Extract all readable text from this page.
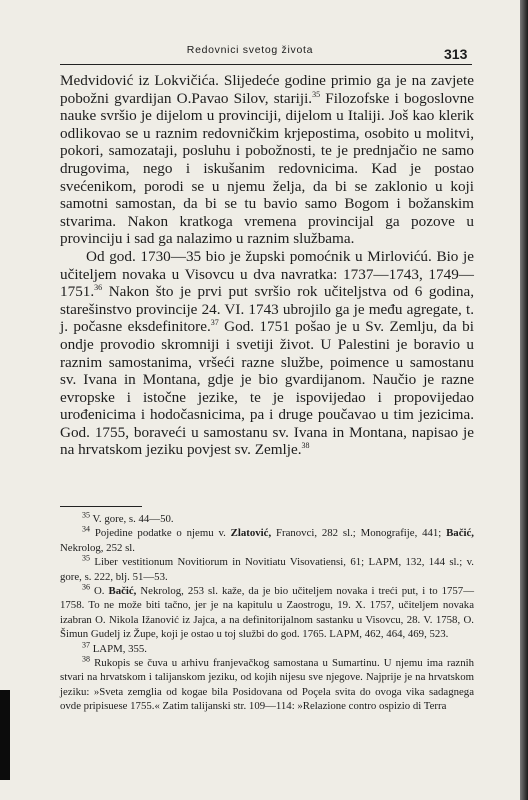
Redovnici svetog života	313

Medvidović iz Lokvičića. Slijedeće godine primio ga je na zavjete pobožni gvardijan O.Pavao Silov, stariji.$^{35}$ Filozofske i bogoslovne nauke svršio je dijelom u provinciji, dijelom u Italiji. Još kao klerik odlikovao se u raznim redovničkim krjepostima, osobito u molitvi, pokori, samozataji, posluhu i pobožnosti, te je prednjačio ne samo drugovima, nego i iskušanim redovnicima. Kad je postao svećenikom, porodi se u njemu želja, da bi se zaklonio u koji samotni samostan, da bi se tu bavio samo Bogom i božanskim stvarima. Nakon kratkoga vremena provincijal ga pozove u provinciju i sad ga nalazimo u raznim službama.

Od god. 1730—35 bio je župski pomoćnik u Mirlovićú. Bio je učiteljem novaka u Visovcu u dva navratka: 1737—1743, 1749—1751.36 Nakon što je prvi put svršio rok učiteljstva od 6 godina, starešinstvo provincije 24. VI. 1743 ubrojilo ga je među agregate, t. j. počasne eksdefinitore.$^{37}$ God. 1751 pošao je u Sv. Zemlju, da bi ondje provodio skromniji i svetiji život. U Palestini je boravio u raznim samostanima, vršeći razne službe, poimence u samostanu sv. Ivana in Montana, gdje je bio gvardijanom. Naučio je razne evropske i istočne jezike, te je ispovijedao i propovijedao urođenicima i hodočasnicima, pa i druge poučavao u tim jezicima. God. 1755, boraveći u samostanu sv. Ivana in Montana, napisao je na hrvatskom jeziku povjest sv. Zemlje.$^{38}$

$^{35}$ V. gore, s. 44—50.

$^{34}$ Pojedine podatke o njemu v. Zlatović, Franovci, 282 sl.; Monografije, 441; Bačić, Nekrolog, 252 sl.

$^{35}$ Liber vestitionum Novitiorum in Novitiatu Visovatiensi, 61; LAPM, 132, 144 sl.; v. gore, s. 222, blj. 51—53.

$^{36}$ O. Bačić, Nekrolog, 253 sl. kaže, da je bio učiteljem novaka i treći put, i to 1757—1758. To ne može biti tačno, jer je na kapitulu u Zaostrogu, 19. X. 1757, učiteljem novaka izabran O. Nikola Ižanović iz Jajca, a na definitorijalnom sastanku u Visovcu, 28. V. 1758, O. Šimun Gudelj iz Župe, koji je ostao u toj službi do god. 1765. LAPM, 462, 464, 469, 523.

$^{37}$ LAPM, 355.

$^{38}$ Rukopis se čuva u arhivu franjevačkog samostana u Sumartinu. U njemu ima raznih stvari na hrvatskom i talijanskom jeziku, od kojih nijesu sve njegove. Najprije je na hrvatskom jeziku: »Sveta zemglia od kogae bila Posidovana od Poçela svita do ovoga vika sadagnega ovde pripisuese 1755.« Zatim talijanski str. 109—114: »Relazione contro ospizio di Terra
